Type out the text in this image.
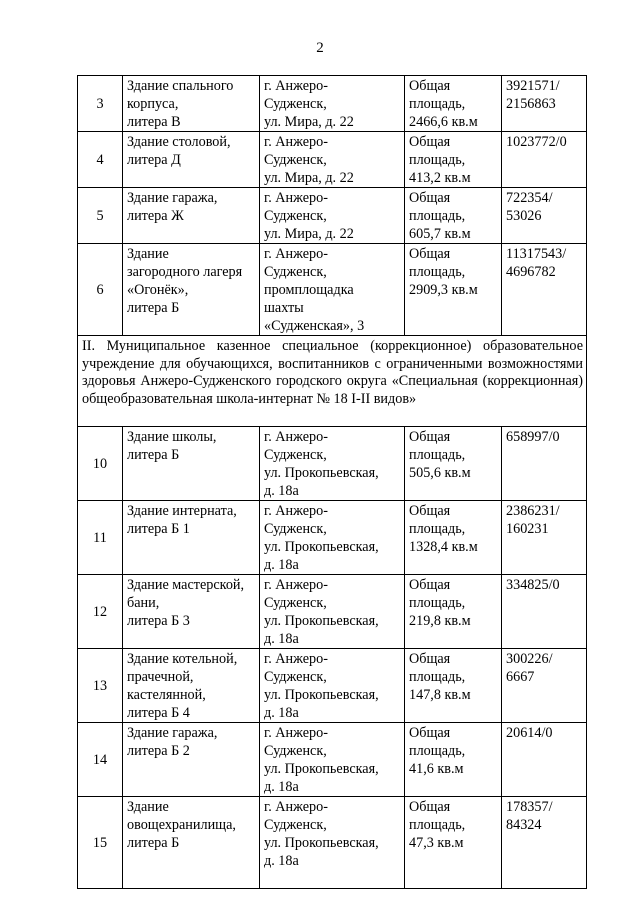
2
3	Здание спального
корпуса,
литера В	г. Анжеро-
Судженск,
ул. Мира, д. 22	Общая
площадь,
2466,6 кв.м	3921571/
2156863
4	Здание столовой,
литера Д	г. Анжеро-
Судженск,
ул. Мира, д. 22	Общая
площадь,
413,2 кв.м	1023772/0
5	Здание гаража,
литера Ж	г. Анжеро-
Судженск,
ул. Мира, д. 22	Общая
площадь,
605,7 кв.м	722354/
53026
6	Здание
загородного лагеря
«Огонёк»,
литера Б	г. Анжеро-
Судженск,
промплощадка
шахты
«Судженская», 3	Общая
площадь,
2909,3 кв.м	11317543/
4696782
II. Муниципальное казенное специальное (коррекционное) образовательное учреждение для обучающихся, воспитанников с ограниченными возможностями здоровья Анжеро-Судженского городского округа «Специальная (коррекционная) общеобразовательная школа-интернат № 18 I-II видов»				
10	Здание школы,
литера Б	г. Анжеро-
Судженск,
ул. Прокопьевская,
д. 18а	Общая
площадь,
505,6 кв.м	658997/0
11	Здание интерната,
литера Б 1	г. Анжеро-
Судженск,
ул. Прокопьевская,
д. 18а	Общая
площадь,
1328,4 кв.м	2386231/
160231
12	Здание мастерской,
бани,
литера Б 3	г. Анжеро-
Судженск,
ул. Прокопьевская,
д. 18а	Общая
площадь,
219,8 кв.м	334825/0
13	Здание котельной,
прачечной,
кастелянной,
литера Б 4	г. Анжеро-
Судженск,
ул. Прокопьевская,
д. 18а	Общая
площадь,
147,8 кв.м	300226/
6667
14	Здание гаража,
литера Б 2	г. Анжеро-
Судженск,
ул. Прокопьевская,
д. 18а	Общая
площадь,
41,6 кв.м	20614/0
15	Здание
овощехранилища,
литера Б	г. Анжеро-
Судженск,
ул. Прокопьевская,
д. 18а	Общая
площадь,
47,3 кв.м	178357/
84324
